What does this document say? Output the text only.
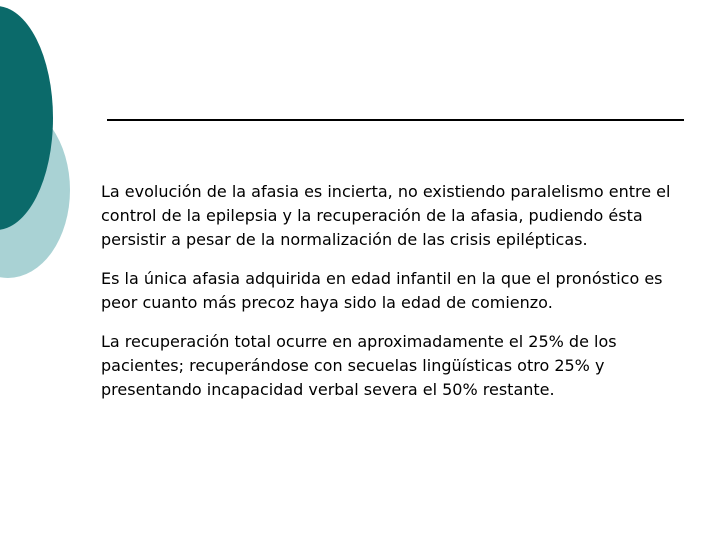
La evolución de la afasia es incierta, no existiendo paralelismo entre el control de la epilepsia y la recuperación de la afasia, pudiendo ésta persistir a pesar de la normalización de las crisis epilépticas.

Es la única afasia adquirida en edad infantil en la que el pronóstico es peor cuanto más precoz haya sido la edad de comienzo.

La recuperación total ocurre en aproximadamente el 25% de los pacientes; recuperándose con secuelas lingüísticas otro 25% y presentando incapacidad verbal severa el 50% restante.
